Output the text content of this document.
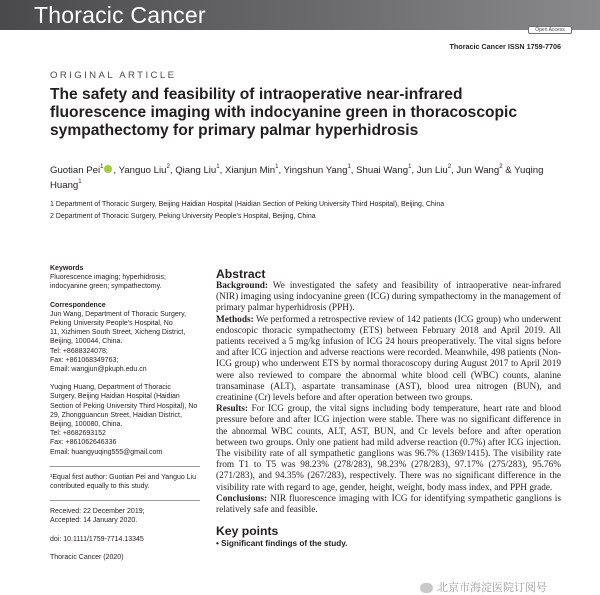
Thoracic Cancer
Open Access
Thoracic Cancer ISSN 1759-7706
ORIGINAL ARTICLE
The safety and feasibility of intraoperative near-infrared fluorescence imaging with indocyanine green in thoracoscopic sympathectomy for primary palmar hyperhidrosis
Guotian Pei$^1$ , Yanguo Liu$^2$, Qiang Liu$^1$, Xianjun Min$^1$, Yingshun Yang$^1$, Shuai Wang$^1$, Jun Liu$^2$, Jun Wang$^2$ & Yuqing Huang$^1$
1 Department of Thoracic Surgery, Beijing Haidian Hospital (Haidian Section of Peking University Third Hospital), Beijing, China
2 Department of Thoracic Surgery, Peking University People's Hospital, Beijing, China
Keywords
Fluorescence imaging; hyperhidrosis; indocyanine green; sympathectomy.
Correspondence
Jun Wang, Department of Thoracic Surgery,
Peking University People's Hospital, No
11, Xizhimen South Street, Xicheng District,
Beijing, 100044, China.
Tel: +8688324078;
Fax: +861068349763;
Email: wangjun@pkuph.edu.cn
Yuqing Huang, Department of Thoracic
Surgery, Beijing Haidian Hospital (Haidian
Section of Peking University Third Hospital), No
29, Zhongguancun Street, Haidian District,
Beijing, 100080, China.
Tel: +8682693152
Fax: +861062646336
Email: huangyuqing555@gmail.com
¹Equal first author: Guotian Pei and Yanguo Liu contributed equally to this study.
Received: 22 December 2019;
Accepted: 14 January 2020.
doi: 10.1111/1759-7714.13345
Thoracic Cancer (2020)
Abstract

Background: We investigated the safety and feasibility of intraoperative near-infrared (NIR) imaging using indocyanine green (ICG) during sympathectomy in the management of primary palmar hyperhidrosis (PPH).

Methods: We performed a retrospective review of 142 patients (ICG group) who underwent endoscopic thoracic sympathectomy (ETS) between February 2018 and April 2019. All patients received a 5 mg/kg infusion of ICG 24 hours preoperatively. The vital signs before and after ICG injection and adverse reactions were recorded. Meanwhile, 498 patients (Non-ICG group) who underwent ETS by normal thoracoscopy during August 2017 to April 2019 were also reviewed to compare the abnormal white blood cell (WBC) counts, alanine transaminase (ALT), aspartate transaminase (AST), blood urea nitrogen (BUN), and creatinine (Cr) levels before and after operation between two groups.

Results: For ICG group, the vital signs including body temperature, heart rate and blood pressure before and after ICG injection were stable. There was no significant difference in the abnormal WBC counts, ALT, AST, BUN, and Cr levels before and after operation between two groups. Only one patient had mild adverse reaction (0.7%) after ICG injection. The visibility rate of all sympathetic ganglions was 96.7% (1369/1415). The visibility rate from T1 to T5 was 98.23% (278/283), 98.23% (278/283), 97.17% (275/283), 95.76% (271/283), and 94.35% (267/283), respectively. There was no significant difference in the visibility rate with regard to age, gender, height, weight, body mass index, and PPH grade.

Conclusions: NIR fluorescence imaging with ICG for identifying sympathetic ganglions is relatively safe and feasible.

Key points
• Significant findings of the study.
北京市海淀医院订阅号
